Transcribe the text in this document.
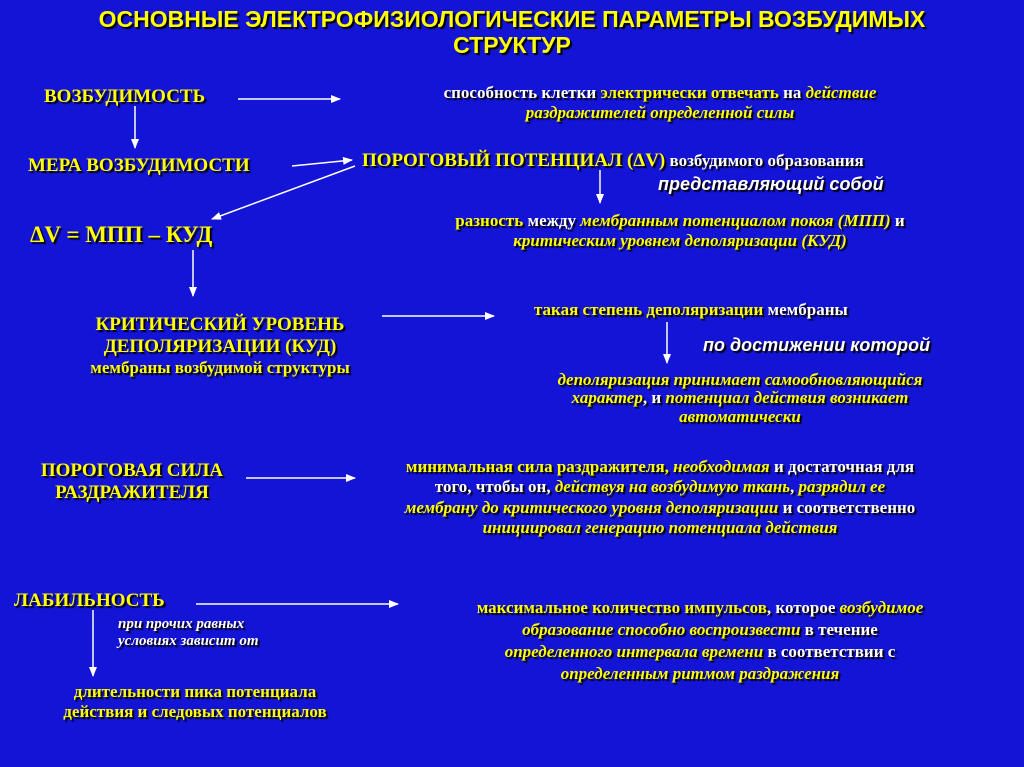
ОСНОВНЫЕ ЭЛЕКТРОФИЗИОЛОГИЧЕСКИЕ ПАРАМЕТРЫ ВОЗБУДИМЫХ
СТРУКТУР
ВОЗБУДИМОСТЬ	способность клетки электрически отвечать на действие
раздражителей определенной силы
МЕРА ВОЗБУДИМОСТИ	ПОРОГОВЫЙ ПОТЕНЦИАЛ (ΔV) возбудимого образования
представляющий собой
ΔV = МПП – КУД
разность между мембранным потенциалом покоя (МПП) и
критическим уровнем деполяризации (КУД)
КРИТИЧЕСКИЙ УРОВЕНЬ
ДЕПОЛЯРИЗАЦИИ (КУД)
мембраны возбудимой структуры
такая степень деполяризации мембраны
по достижении которой
деполяризация принимает самообновляющийся
характер, и потенциал действия возникает
автоматически
ПОРОГОВАЯ СИЛА
РАЗДРАЖИТЕЛЯ
минимальная сила раздражителя, необходимая и достаточная для
того, чтобы он, действуя на возбудимую ткань, разрядил ее
мембрану до критического уровня деполяризации и соответственно
инициировал генерацию потенциала действия
ЛАБИЛЬНОСТЬ
при прочих равных
условиях зависит от
длительности пика потенциала
действия и следовых потенциалов
максимальное количество импульсов, которое возбудимое
образование способно воспроизвести в течение
определенного интервала времени в соответствии с
определенным ритмом раздражения
